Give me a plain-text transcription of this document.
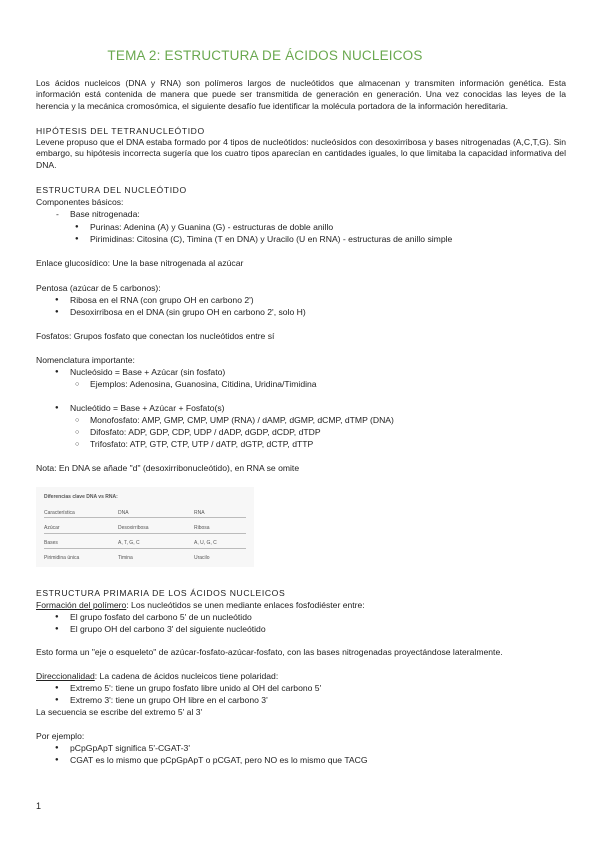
TEMA 2: ESTRUCTURA DE ÁCIDOS NUCLEICOS
Los ácidos nucleicos (DNA y RNA) son polímeros largos de nucleótidos que almacenan y transmiten información genética. Esta información está contenida de manera que puede ser transmitida de generación en generación. Una vez conocidas las leyes de la herencia y la mecánica cromosómica, el siguiente desafío fue identificar la molécula portadora de la información hereditaria.
HIPÓTESIS DEL TETRANUCLEÓTIDO
Levene propuso que el DNA estaba formado por 4 tipos de nucleótidos: nucleósidos con desoxirribosa y bases nitrogenadas (A,C,T,G). Sin embargo, su hipótesis incorrecta sugería que los cuatro tipos aparecían en cantidades iguales, lo que limitaba la capacidad informativa del DNA.
ESTRUCTURA DEL NUCLEÓTIDO
Componentes básicos:
- Base nitrogenada:
● Purinas: Adenina (A) y Guanina (G) - estructuras de doble anillo
● Pirimidinas: Citosina (C), Timina (T en DNA) y Uracilo (U en RNA) - estructuras de anillo simple
Enlace glucosídico: Une la base nitrogenada al azúcar
Pentosa (azúcar de 5 carbonos):
● Ribosa en el RNA (con grupo OH en carbono 2')
● Desoxirribosa en el DNA (sin grupo OH en carbono 2', solo H)
Fosfatos: Grupos fosfato que conectan los nucleótidos entre sí
Nomenclatura importante:
● Nucleósido = Base + Azúcar (sin fosfato)
○ Ejemplos: Adenosina, Guanosina, Citidina, Uridina/Timidina
● Nucleótido = Base + Azúcar + Fosfato(s)
○ Monofosfato: AMP, GMP, CMP, UMP (RNA) / dAMP, dGMP, dCMP, dTMP (DNA)
○ Difosfato: ADP, GDP, CDP, UDP / dADP, dGDP, dCDP, dTDP
○ Trifosfato: ATP, GTP, CTP, UTP / dATP, dGTP, dCTP, dTTP
Nota: En DNA se añade "d" (desoxirribonucleótido), en RNA se omite
Diferencias clave DNA vs RNA:
Característica	DNA	RNA
Azúcar	Desoxirribosa	Ribosa
Bases	A, T, G, C	A, U, G, C
Pirimidina única	Timina	Uracilo
ESTRUCTURA PRIMARIA DE LOS ÁCIDOS NUCLEICOS
Formación del polímero: Los nucleótidos se unen mediante enlaces fosfodiéster entre:
● El grupo fosfato del carbono 5' de un nucleótido
● El grupo OH del carbono 3' del siguiente nucleótido
Esto forma un "eje o esqueleto" de azúcar-fosfato-azúcar-fosfato, con las bases nitrogenadas proyectándose lateralmente.
Direccionalidad: La cadena de ácidos nucleicos tiene polaridad:
● Extremo 5': tiene un grupo fosfato libre unido al OH del carbono 5'
● Extremo 3': tiene un grupo OH libre en el carbono 3'
La secuencia se escribe del extremo 5' al 3'
Por ejemplo:
● pCpGpApT significa 5'-CGAT-3'
● CGAT es lo mismo que pCpGpApT o pCGAT, pero NO es lo mismo que TACG
1
